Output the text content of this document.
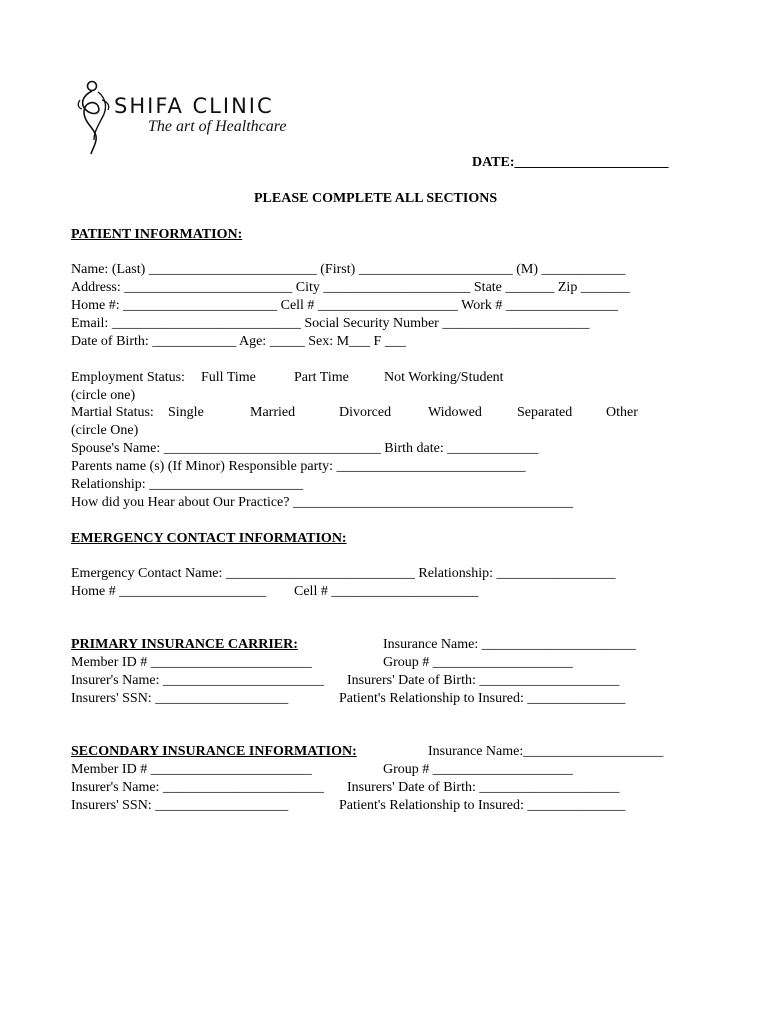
SHIFA CLINIC
The art of Healthcare
DATE:______________________
PLEASE COMPLETE ALL SECTIONS
PATIENT INFORMATION:
Name: (Last) ________________________ (First) ______________________ (M) ____________
Address: ________________________ City _____________________ State _______ Zip _______
Home #: ______________________ Cell # ____________________ Work # ________________
Email: ___________________________ Social Security Number _____________________
Date of Birth: ____________ Age: _____ Sex: M___ F ___
Employment Status: Full Time	Part Time	Not Working/Student
(circle one)
Martial Status: Single	Married	Divorced	Widowed	Separated Other
(circle One)
Spouse's Name: _______________________________ Birth date: _____________
Parents name (s) (If Minor) Responsible party: ___________________________
Relationship: ______________________
How did you Hear about Our Practice? ________________________________________
EMERGENCY CONTACT INFORMATION:
Emergency Contact Name: ___________________________ Relationship: _________________
Home # _____________________ Cell # _____________________
PRIMARY INSURANCE CARRIER:	Insurance Name: ______________________
Member ID # _______________________	Group # ____________________
Insurer's Name: _______________________ Insurers' Date of Birth: ____________________
Insurers' SSN: ___________________	Patient's Relationship to Insured: ______________
SECONDARY INSURANCE INFORMATION:	Insurance Name:____________________
Member ID # _______________________	Group # ____________________
Insurer's Name: _______________________ Insurers' Date of Birth: ____________________
Insurers' SSN: ___________________	Patient's Relationship to Insured: ______________
